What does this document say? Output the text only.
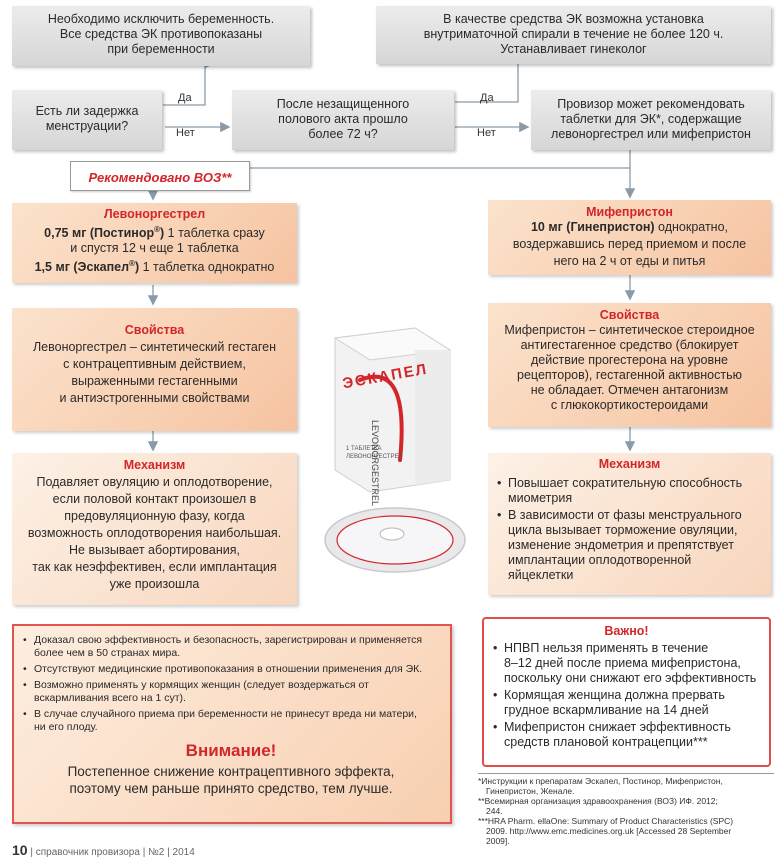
Необходимо исключить беременность.
Все средства ЭК противопоказаны
при беременности
В качестве средства ЭК возможна установка
внутриматочной спирали в течение не более 120 ч.
Устанавливает гинеколог
Есть ли задержка
менструации?
После незащищенного
полового акта прошло
более 72 ч?
Провизор может рекомендовать
таблетки для ЭК*, содержащие
левоноргестрел или мифепристон
Да
Нет
Да
Нет
Рекомендовано ВОЗ**
Левоноргестрел
0,75 мг (Постинор®) 1 таблетка сразу
и спустя 12 ч еще 1 таблетка
1,5 мг (Эскапел®) 1 таблетка однократно
Свойства
Левоноргестрел – синтетический гестаген
с контрацептивным действием,
выраженными гестагенными
и антиэстрогенными свойствами
Механизм
Подавляет овуляцию и оплодотворение,
если половой контакт произошел в
предовуляционную фазу, когда
возможность оплодотворения наибольшая.
Не вызывает абортирования,
так как неэффективен, если имплантация
уже произошла
Мифепристон
10 мг (Гинепристон) однократно,
воздержавшись перед приемом и после
него на 2 ч от еды и питья
Свойства
Мифепристон – синтетическое стероидное
антигестагенное средство (блокирует
действие прогестерона на уровне
рецепторов), гестагенной активностью
не обладает. Отмечен антагонизм
с глюкокортикостероидами
Механизм
• Повышает сократительную способность
миометрия
• В зависимости от фазы менструального
цикла вызывает торможение овуляции,
изменение эндометрия и препятствует
имплантации оплодотворенной
яйцеклетки
Важно!
• НПВП нельзя применять в течение
8–12 дней после приема мифепристона,
поскольку они снижают его эффективность
• Кормящая женщина должна прервать
грудное вскармливание на 14 дней
• Мифепристон снижает эффективность
средств плановой контрацепции***
• Доказал свою эффективность и безопасность, зарегистрирован и применяется
более чем в 50 странах мира.
• Отсутствуют медицинские противопоказания в отношении применения для ЭК.
• Возможно применять у кормящих женщин (следует воздержаться от
вскармливания всего на 1 сут).
• В случае случайного приема при беременности не принесут вреда ни матери,
ни его плоду.
Внимание!
Постепенное снижение контрацептивного эффекта,
поэтому чем раньше принято средство, тем лучше.
ЭСКАПЕЛ
LEVONORGESTREL
1 ТАБЛЕТКА
ЛЕВОНОРГЕСТРЕЛ
*Инструкции к препаратам Эскапел, Постинор, Мифепристон,
Гинепристон, Женале.
**Всемирная организация здравоохранения (ВОЗ) ИФ. 2012;
244.
***HRA Pharm. ellaOne: Summary of Product Characteristics (SPC)
2009. http://www.emc.medicines.org.uk [Accessed 28 September
2009].
10 | справочник провизора | №2 | 2014
